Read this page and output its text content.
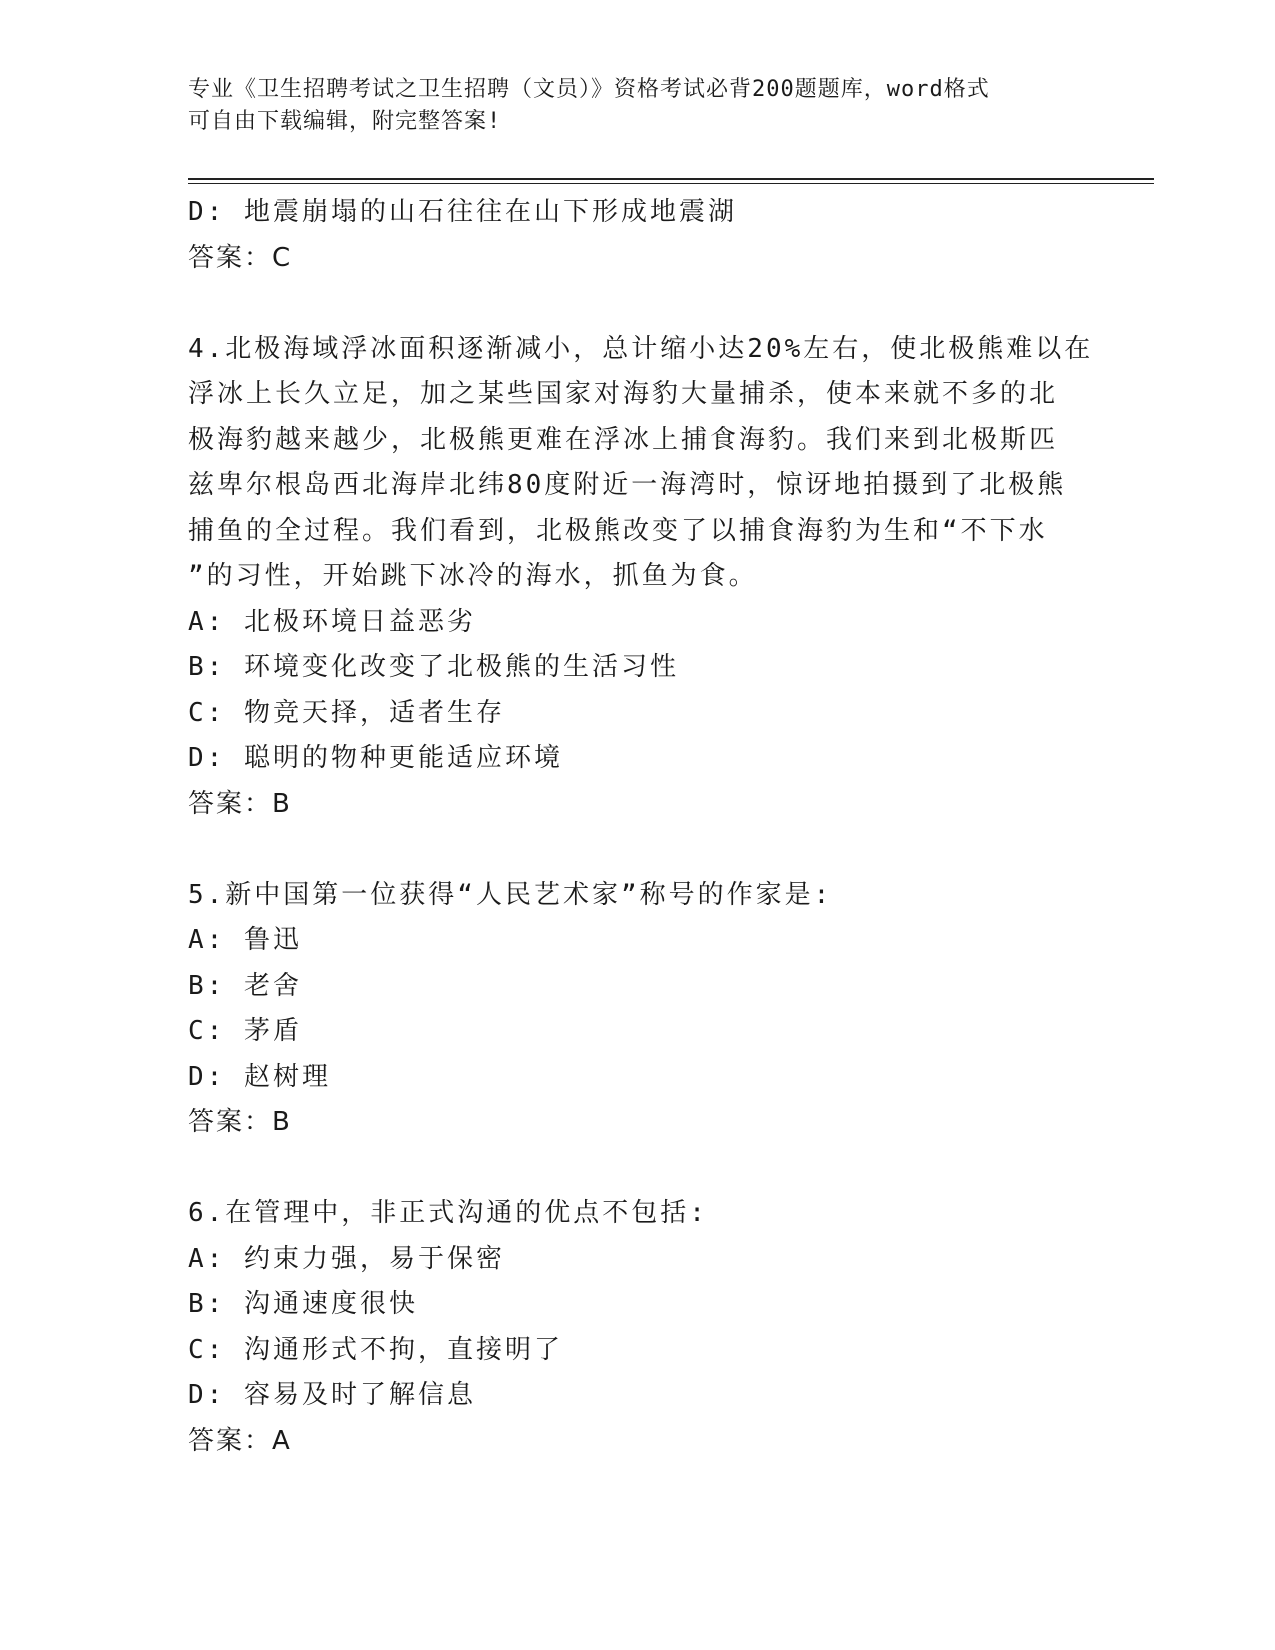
专业《卫生招聘考试之卫生招聘（文员）》资格考试必背200题题库，word格式
可自由下载编辑，附完整答案!
D: 地震崩塌的山石往往在山下形成地震湖
答案：C
4.北极海域浮冰面积逐渐减小，总计缩小达20%左右，使北极熊难以在
浮冰上长久立足，加之某些国家对海豹大量捕杀，使本来就不多的北
极海豹越来越少，北极熊更难在浮冰上捕食海豹。我们来到北极斯匹
兹卑尔根岛西北海岸北纬80度附近一海湾时，惊讶地拍摄到了北极熊
捕鱼的全过程。我们看到，北极熊改变了以捕食海豹为生和“不下水
”的习性，开始跳下冰冷的海水，抓鱼为食。
A: 北极环境日益恶劣
B: 环境变化改变了北极熊的生活习性
C: 物竞天择，适者生存
D: 聪明的物种更能适应环境
答案：B
5.新中国第一位获得“人民艺术家”称号的作家是:
A: 鲁迅
B: 老舍
C: 茅盾
D: 赵树理
答案：B
6.在管理中，非正式沟通的优点不包括:
A: 约束力强，易于保密
B: 沟通速度很快
C: 沟通形式不拘，直接明了
D: 容易及时了解信息
答案：A
